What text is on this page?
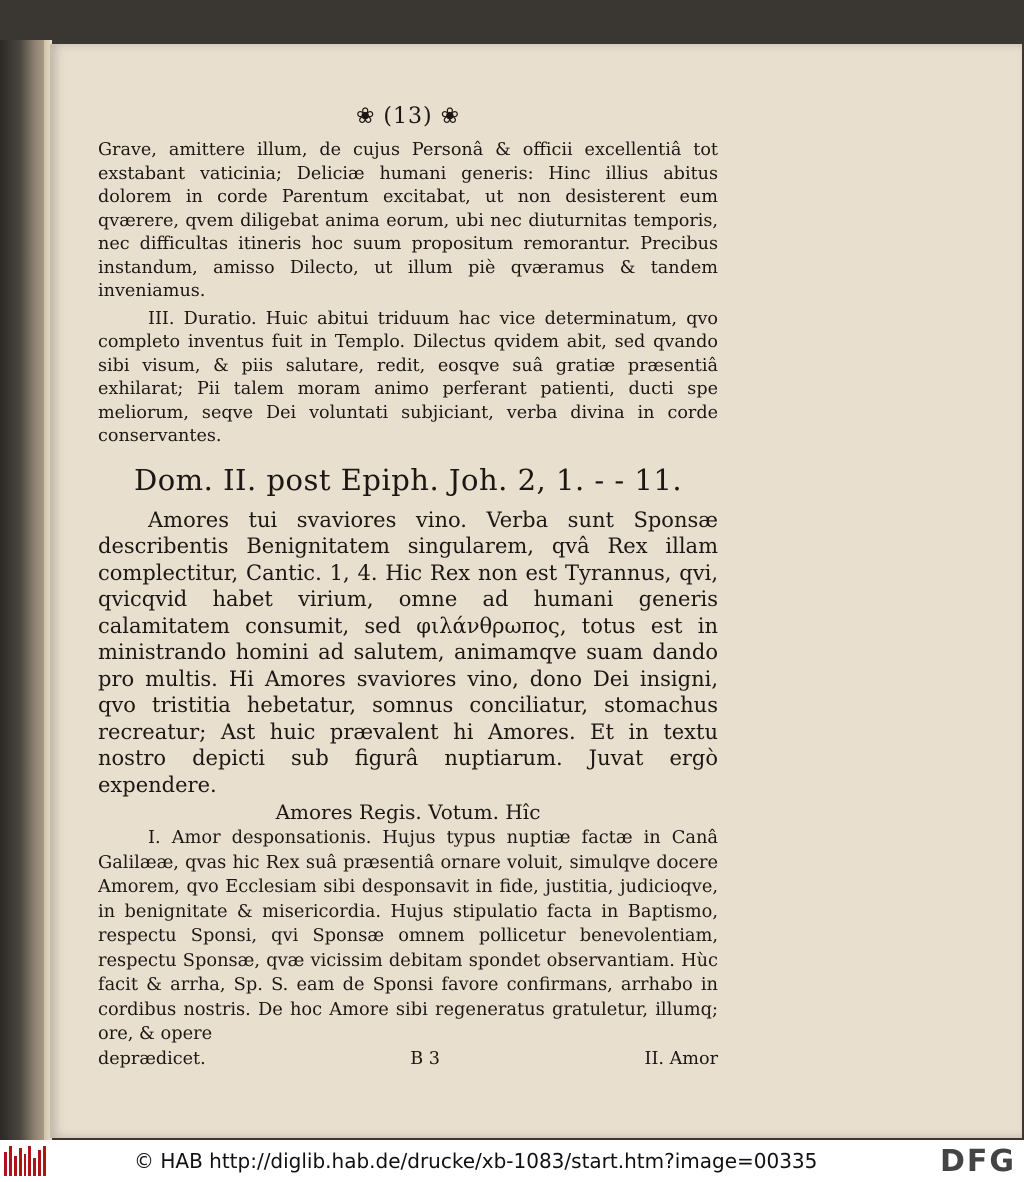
❀ (13) ❀

Grave, amittere illum, de cujus Personâ & officii excellentiâ tot exstabant vaticinia; Deliciæ humani generis: Hinc illius abitus dolorem in corde Parentum excitabat, ut non desisterent eum qværere, qvem diligebat anima eorum, ubi nec diuturnitas temporis, nec difficultas itineris hoc suum propositum remorantur. Precibus instandum, amisso Dilecto, ut illum piè qværamus & tandem inveniamus.

III. Duratio. Huic abitui triduum hac vice determinatum, qvo completo inventus fuit in Templo. Dilectus qvidem abit, sed qvando sibi visum, & piis salutare, redit, eosqve suâ gratiæ præsentiâ exhilarat; Pii talem moram animo perferant patienti, ducti spe meliorum, seqve Dei voluntati subjiciant, verba divina in corde conservantes.

Dom. II. post Epiph. Joh. 2, 1. - - 11.

Amores tui svaviores vino. Verba sunt Sponsæ describentis Benignitatem singularem, qvâ Rex illam complectitur, Cantic. 1, 4. Hic Rex non est Tyrannus, qvi, qvicqvid habet virium, omne ad humani generis calamitatem consumit, sed φιλάνθρωπος, totus est in ministrando homini ad salutem, animamqve suam dando pro multis. Hi Amores svaviores vino, dono Dei insigni, qvo tristitia hebetatur, somnus conciliatur, stomachus recreatur; Ast huic prævalent hi Amores. Et in textu nostro depicti sub figurâ nuptiarum. Juvat ergò expendere.

Amores Regis. Votum. Hîc

I. Amor desponsationis. Hujus typus nuptiæ factæ in Canâ Galilææ, qvas hic Rex suâ præsentiâ ornare voluit, simulqve docere Amorem, qvo Ecclesiam sibi desponsavit in fide, justitia, judicioqve, in benignitate & misericordia. Hujus stipulatio facta in Baptismo, respectu Sponsi, qvi Sponsæ omnem pollicetur benevolentiam, respectu Sponsæ, qvæ vicissim debitam spondet observantiam. Hùc facit & arrha, Sp. S. eam de Sponsi favore confirmans, arrhabo in cordibus nostris. De hoc Amore sibi regeneratus gratuletur, illumq; ore, & opere

deprædicet.	B 3	II. Amor
© HAB http://diglib.hab.de/drucke/xb-1083/start.htm?image=00335	DFG
